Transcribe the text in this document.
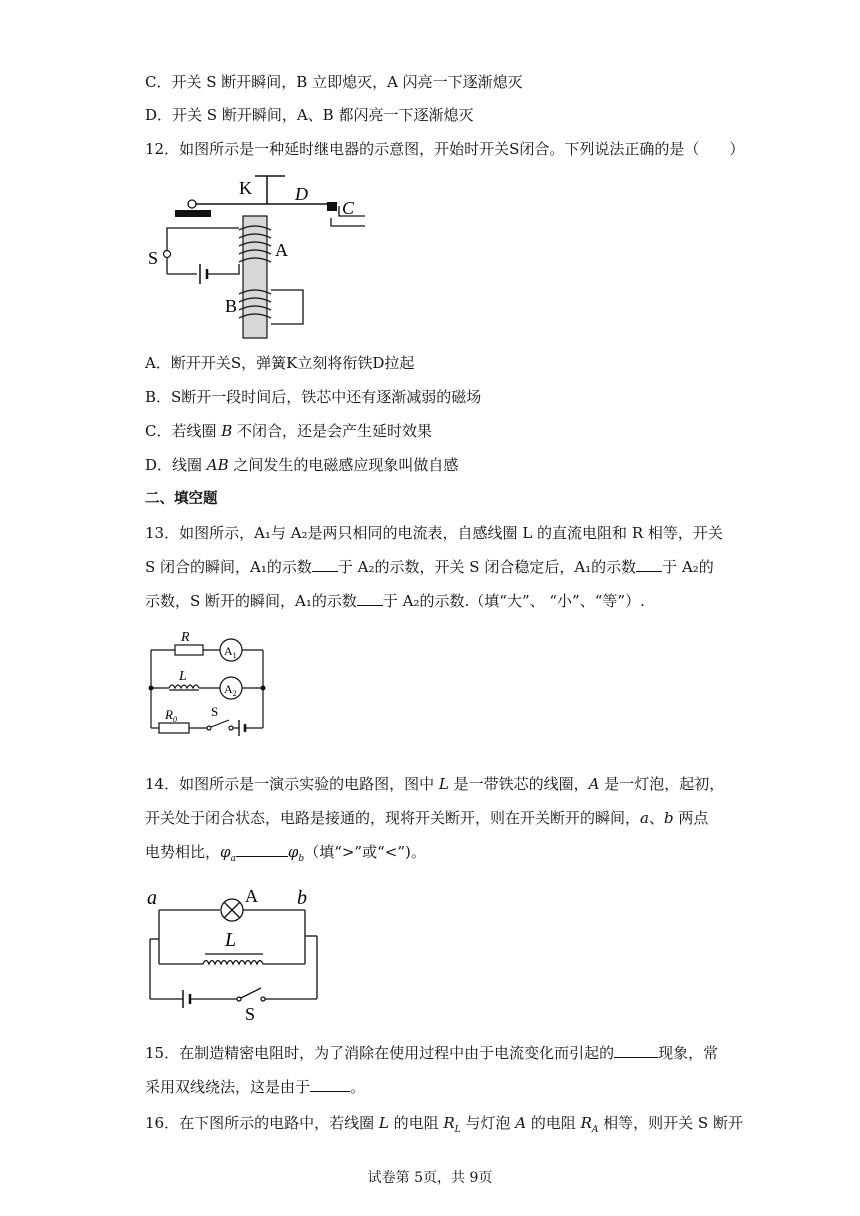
C．开关 S 断开瞬间，B 立即熄灭，A 闪亮一下逐渐熄灭
D．开关 S 断开瞬间，A、B 都闪亮一下逐渐熄灭
12．如图所示是一种延时继电器的示意图，开始时开关S闭合。下列说法正确的是（　　）
K D
C
S	A
B
A．断开开关S，弹簧K立刻将衔铁D拉起
B．S断开一段时间后，铁芯中还有逐渐减弱的磁场
C．若线圈 B 不闭合，还是会产生延时效果
D．线圈 AB 之间发生的电磁感应现象叫做自感
二、填空题
13．如图所示，A₁与 A₂是两只相同的电流表，自感线圈 L 的直流电阻和 R 相等，开关
S 闭合的瞬间，A₁的示数 于 A₂的示数，开关 S 闭合稳定后，A₁的示数 于 A₂的
示数，S 断开的瞬间，A₁的示数 于 A₂的示数.（填“大”、 “小”、“等”）.
R
$A_1$
L
$A_2$
$R_0$
S
14．如图所示是一演示实验的电路图，图中 L 是一带铁芯的线圈，A 是一灯泡，起初，
开关处于闭合状态，电路是接通的，现将开关断开，则在开关断开的瞬间，a、b 两点
电势相比，$\varphi_a$	$\varphi_b$（填“>”或“<”)。
a	A b
L
S
15．在制造精密电阻时，为了消除在使用过程中由于电流变化而引起的	现象，常
采用双线绕法，这是由于	。
16．在下图所示的电路中，若线圈 L 的电阻 $R_L$ 与灯泡 A 的电阻 $R_A$ 相等，则开关 S 断开
试卷第 5页，共 9页
